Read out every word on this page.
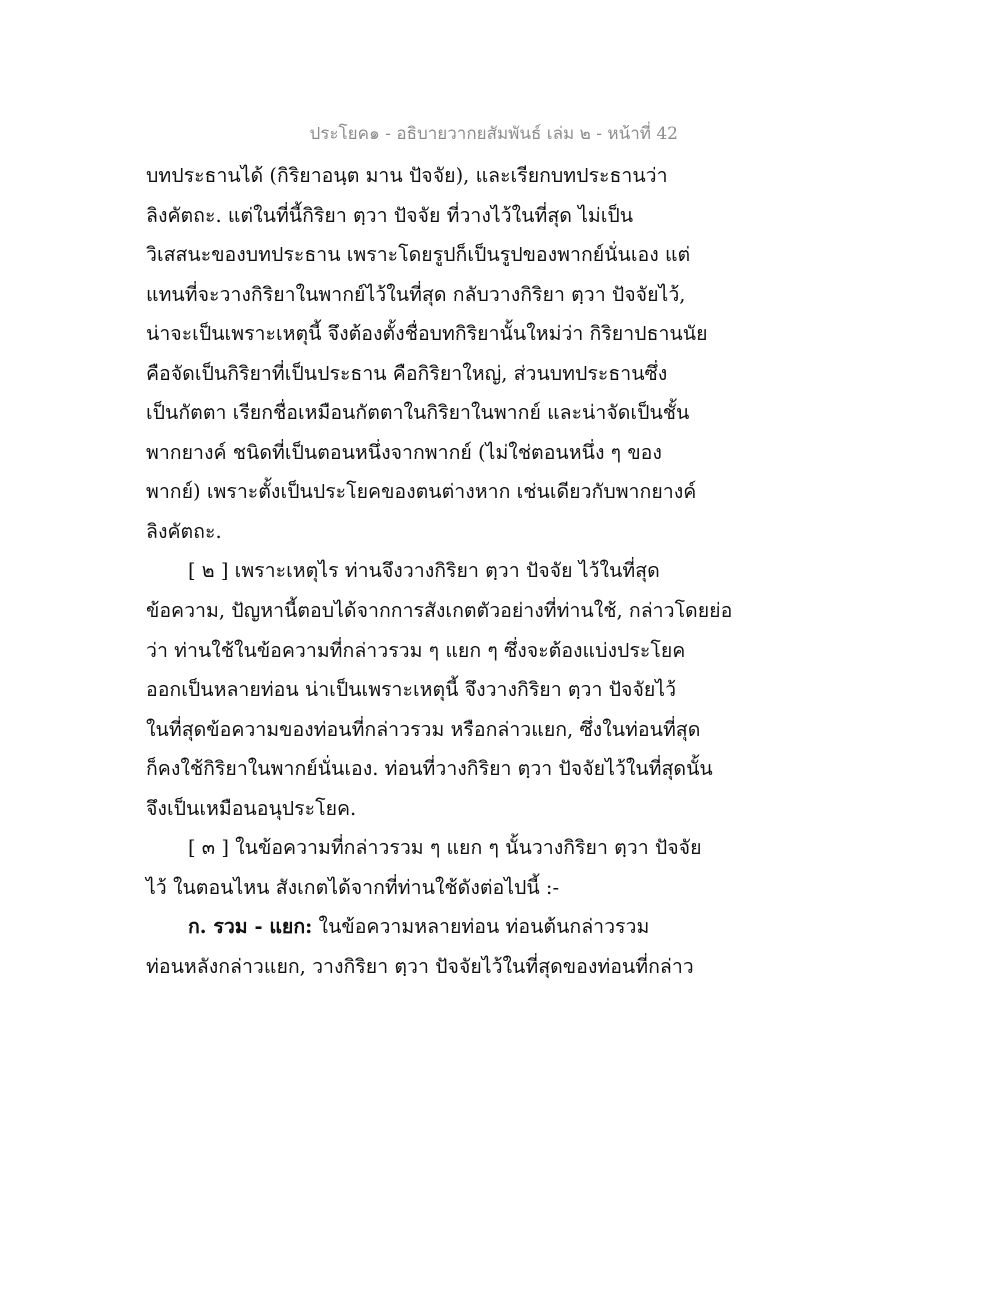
ประโยค๑ - อธิบายวากยสัมพันธ์ เล่ม ๒ - หน้าที่ 42
บทประธานได้ (กิริยาอนฺต มาน ปัจจัย), และเรียกบทประธานว่า
ลิงคัตถะ. แต่ในที่นี้กิริยา ตฺวา ปัจจัย ที่วางไว้ในที่สุด ไม่เป็น
วิเสสนะของบทประธาน เพราะโดยรูปก็เป็นรูปของพากย์นั่นเอง แต่
แทนที่จะวางกิริยาในพากย์ไว้ในที่สุด กลับวางกิริยา ตฺวา ปัจจัยไว้,
น่าจะเป็นเพราะเหตุนี้ จึงต้องตั้งชื่อบทกิริยานั้นใหม่ว่า กิริยาปธานนัย
คือจัดเป็นกิริยาที่เป็นประธาน คือกิริยาใหญ่, ส่วนบทประธานซึ่ง
เป็นกัตตา เรียกชื่อเหมือนกัตตาในกิริยาในพากย์ และน่าจัดเป็นชั้น
พากยางค์ ชนิดที่เป็นตอนหนึ่งจากพากย์ (ไม่ใช่ตอนหนึ่ง ๆ ของ
พากย์) เพราะตั้งเป็นประโยคของตนต่างหาก เช่นเดียวกับพากยางค์
ลิงคัตถะ.
[ ๒ ] เพราะเหตุไร ท่านจึงวางกิริยา ตฺวา ปัจจัย ไว้ในที่สุด
ข้อความ, ปัญหานี้ตอบได้จากการสังเกตตัวอย่างที่ท่านใช้, กล่าวโดยย่อ
ว่า ท่านใช้ในข้อความที่กล่าวรวม ๆ แยก ๆ ซึ่งจะต้องแบ่งประโยค
ออกเป็นหลายท่อน น่าเป็นเพราะเหตุนี้ จึงวางกิริยา ตฺวา ปัจจัยไว้
ในที่สุดข้อความของท่อนที่กล่าวรวม หรือกล่าวแยก, ซึ่งในท่อนที่สุด
ก็คงใช้กิริยาในพากย์นั่นเอง. ท่อนที่วางกิริยา ตฺวา ปัจจัยไว้ในที่สุดนั้น
จึงเป็นเหมือนอนุประโยค.
[ ๓ ] ในข้อความที่กล่าวรวม ๆ แยก ๆ นั้นวางกิริยา ตฺวา ปัจจัย
ไว้ ในตอนไหน สังเกตได้จากที่ท่านใช้ดังต่อไปนี้ :-
ก. รวม - แยก: ในข้อความหลายท่อน ท่อนต้นกล่าวรวม
ท่อนหลังกล่าวแยก, วางกิริยา ตฺวา ปัจจัยไว้ในที่สุดของท่อนที่กล่าว
